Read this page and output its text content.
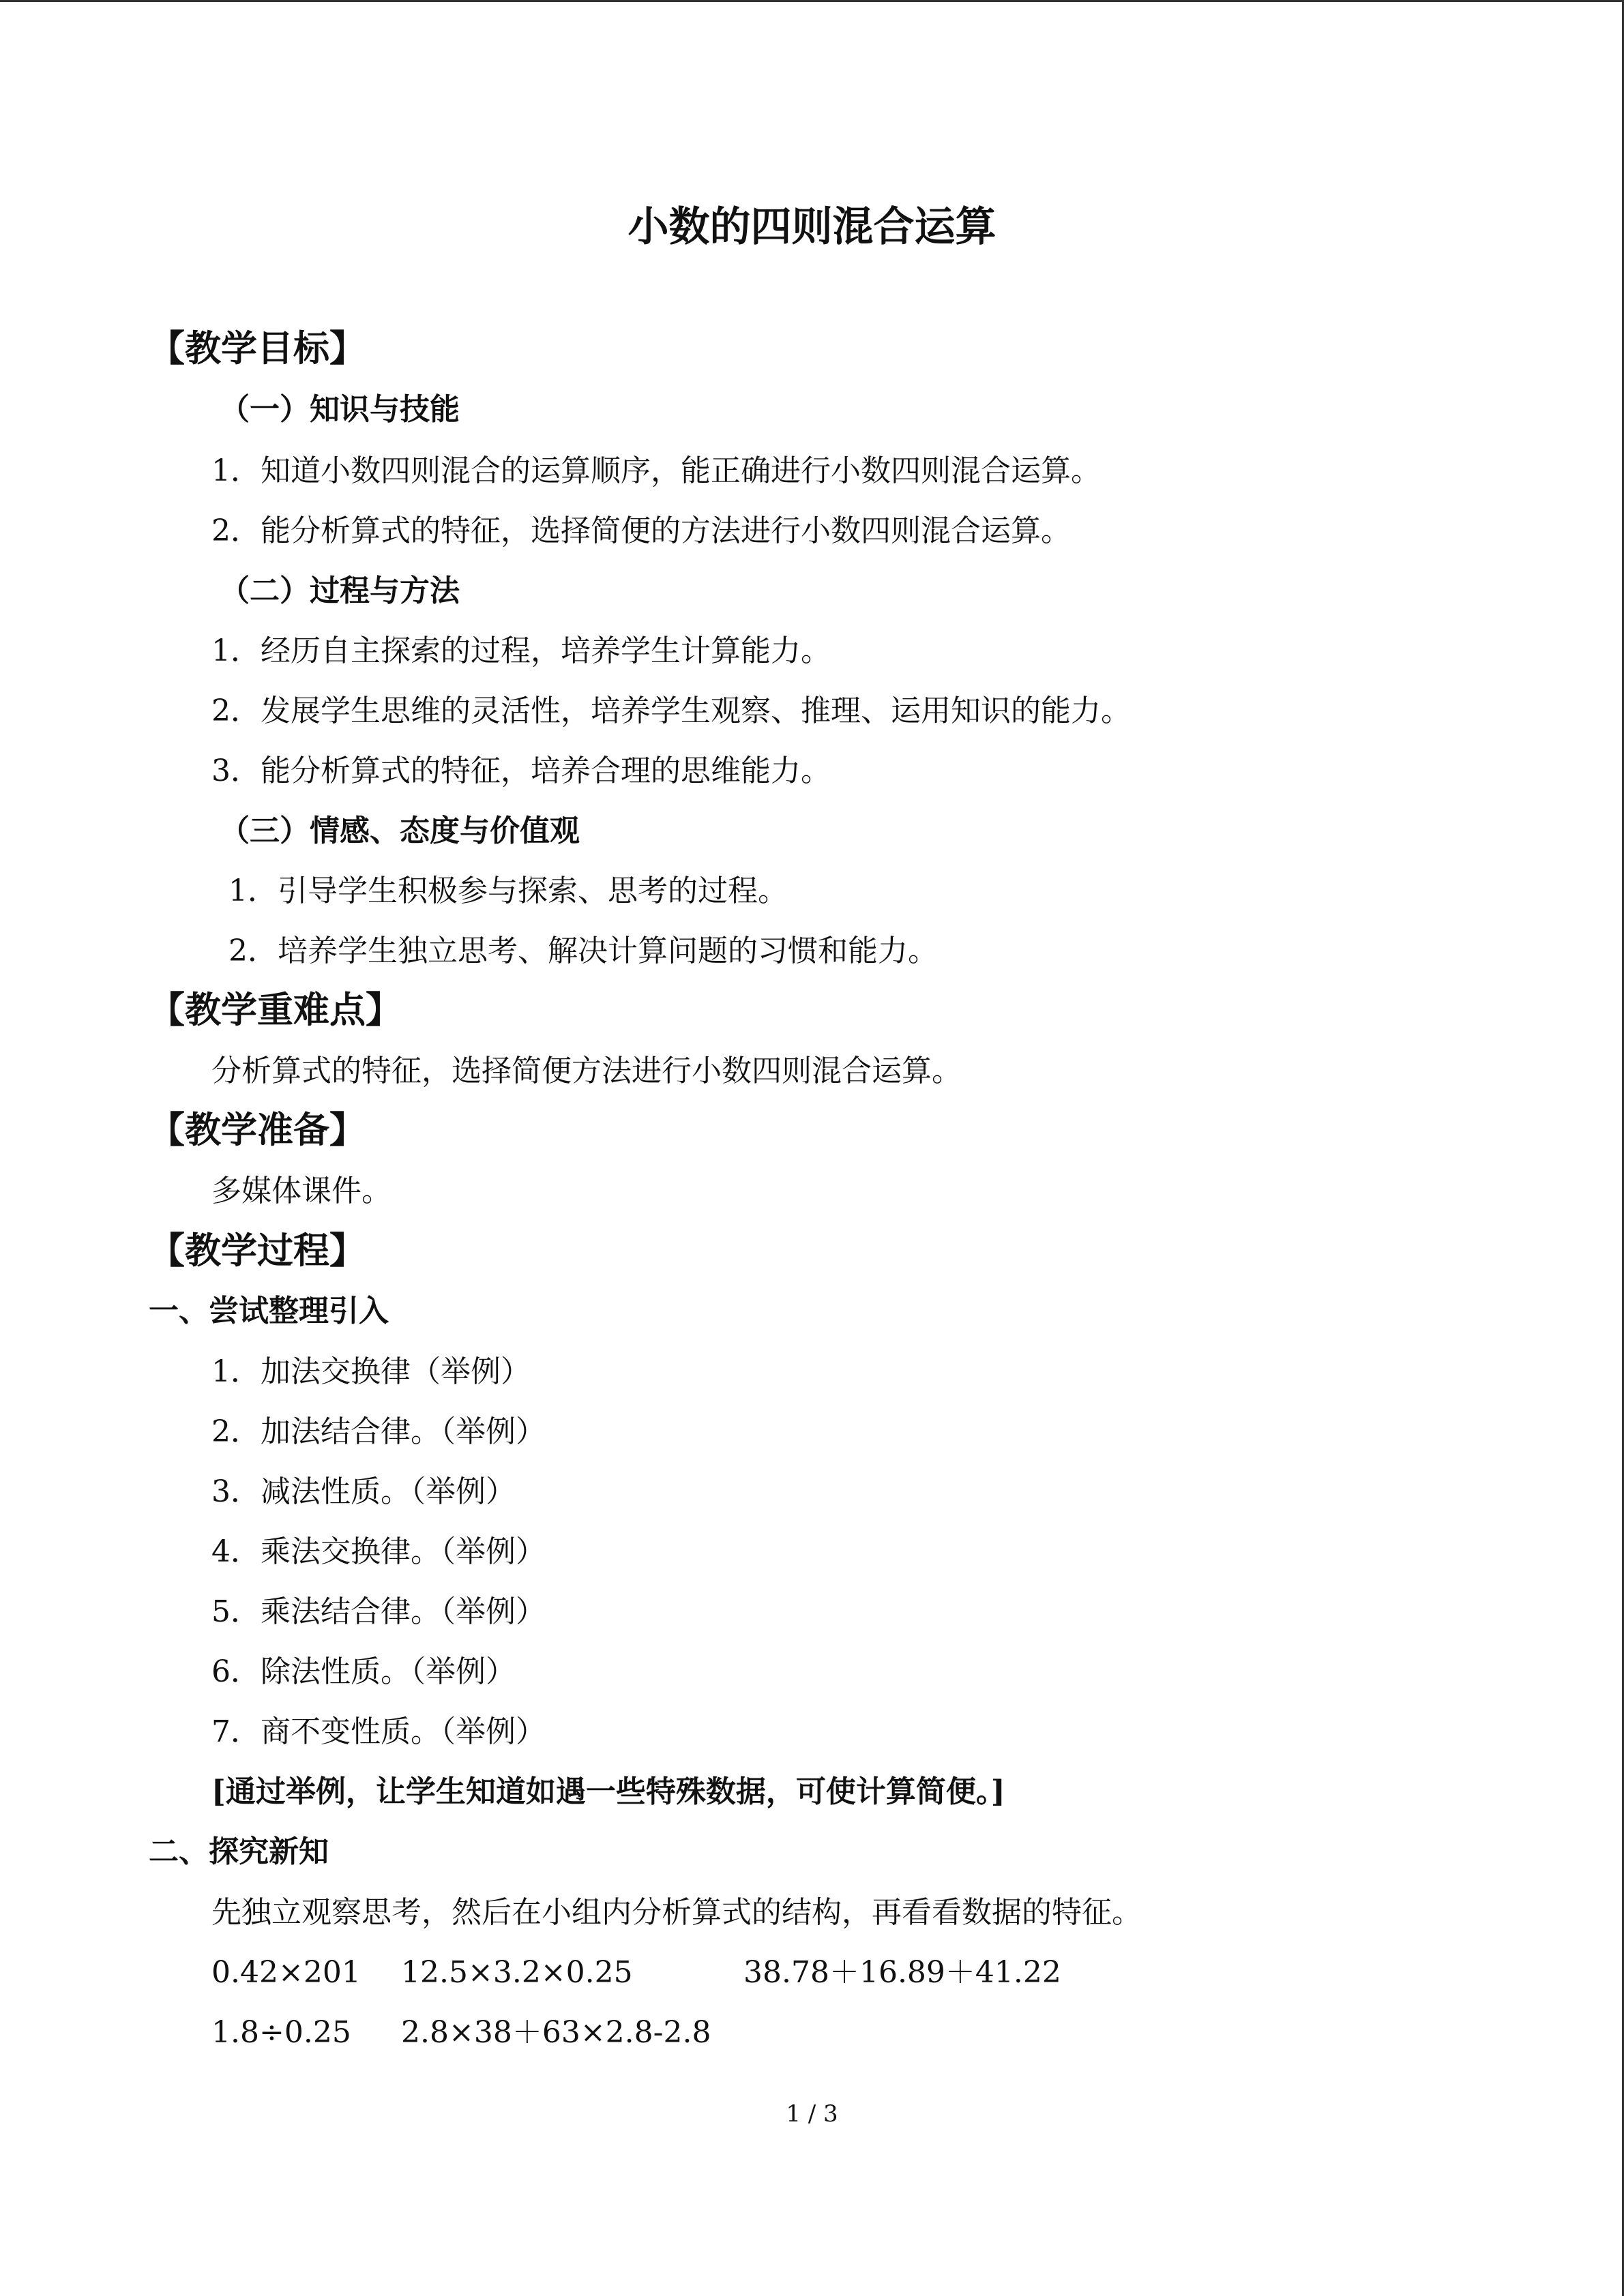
小数的四则混合运算
【教学目标】
（一）知识与技能
1．知道小数四则混合的运算顺序，能正确进行小数四则混合运算。
2．能分析算式的特征，选择简便的方法进行小数四则混合运算。
（二）过程与方法
1．经历自主探索的过程，培养学生计算能力。
2．发展学生思维的灵活性，培养学生观察、推理、运用知识的能力。
3．能分析算式的特征，培养合理的思维能力。
（三）情感、态度与价值观
1．引导学生积极参与探索、思考的过程。
2．培养学生独立思考、解决计算问题的习惯和能力。
【教学重难点】
分析算式的特征，选择简便方法进行小数四则混合运算。
【教学准备】
多媒体课件。
【教学过程】
一、尝试整理引入
1．加法交换律（举例）
2．加法结合律。（举例）
3．减法性质。（举例）
4．乘法交换律。（举例）
5．乘法结合律。（举例）
6．除法性质。（举例）
7．商不变性质。（举例）
[通过举例，让学生知道如遇一些特殊数据，可使计算简便。]
二、探究新知
先独立观察思考，然后在小组内分析算式的结构，再看看数据的特征。
0.42×201 12.5×3.2×0.25	38.78＋16.89＋41.22
1.8÷0.25 2.8×38＋63×2.8-2.8
1 / 3
